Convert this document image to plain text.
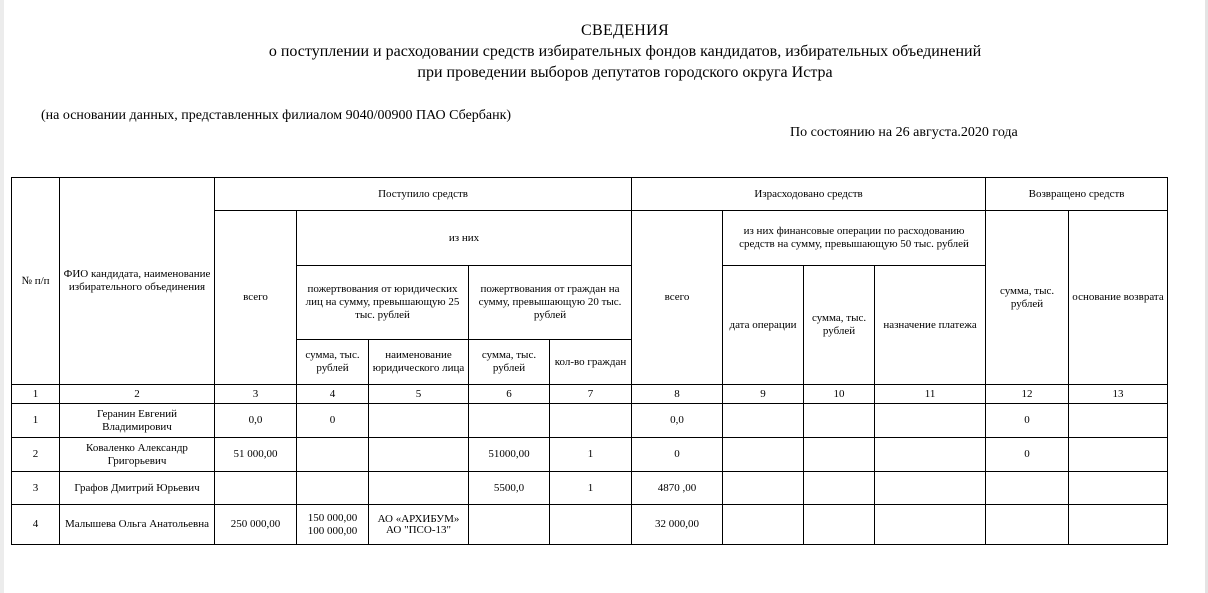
СВЕДЕНИЯ
о поступлении и расходовании средств избирательных фондов кандидатов, избирательных объединений
при проведении выборов депутатов городского округа Истра
(на основании данных, представленных филиалом 9040/00900 ПАО Сбербанк)
По состоянию на 26 августа.2020 года
№ п/п	ФИО кандидата, наименование избирательного объединения	Поступило средств					Израсходовано средств				Возвращено средств	
		всего	из них				всего	из них финансовые операции по расходованию средств на сумму, превышающую 50 тыс. рублей			сумма, тыс. рублей	основание возврата
			пожертвования от юридических лиц на сумму, превышающую 25 тыс. рублей		пожертвования от граждан на сумму, превышающую 20 тыс. рублей			дата операции	сумма, тыс. рублей	назначение платежа		
			сумма, тыс. рублей	наименование юридического лица	сумма, тыс. рублей	кол-во граждан						
1	2	3	4	5	6	7	8	9	10	11	12	13
1	Геранин Евгений Владимирович	0,0	0				0,0				0	
2	Коваленко Александр Григорьевич	51 000,00			51000,00	1	0				0	
3	Графов Дмитрий Юрьевич				5500,0	1	4870 ,00					
4	Малышева Ольга Анатольевна	250 000,00	150 000,00
100 000,00	АО «АРХИБУМ»
АО "ПСО-13"			32 000,00					
